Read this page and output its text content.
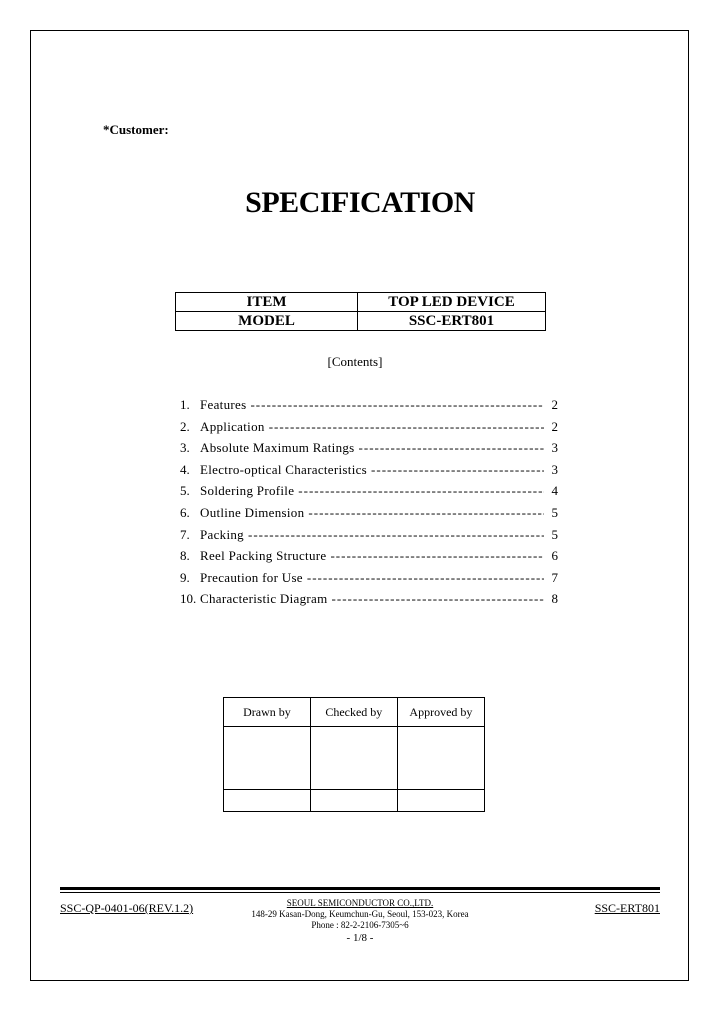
*Customer:
SPECIFICATION
ITEM	TOP LED DEVICE
MODEL	SSC-ERT801
[Contents]
1. Features -----	2
2. Application -----	2
3. Absolute Maximum Ratings -----	3
4. Electro-optical Characteristics -----	3
5. Soldering Profile -----	4
6. Outline Dimension -----	5
7. Packing -----	5
8. Reel Packing Structure -----	6
9. Precaution for Use -----	7
10. Characteristic Diagram -----	8
Drawn by	Checked by	Approved by

SSC-QP-0401-06(REV.1.2)	SEOUL SEMICONDUCTOR CO.,LTD.
148-29 Kasan-Dong, Keumchun-Gu, Seoul, 153-023, Korea
Phone : 82-2-2106-7305~6
- 1/8 -
SSC-ERT801
